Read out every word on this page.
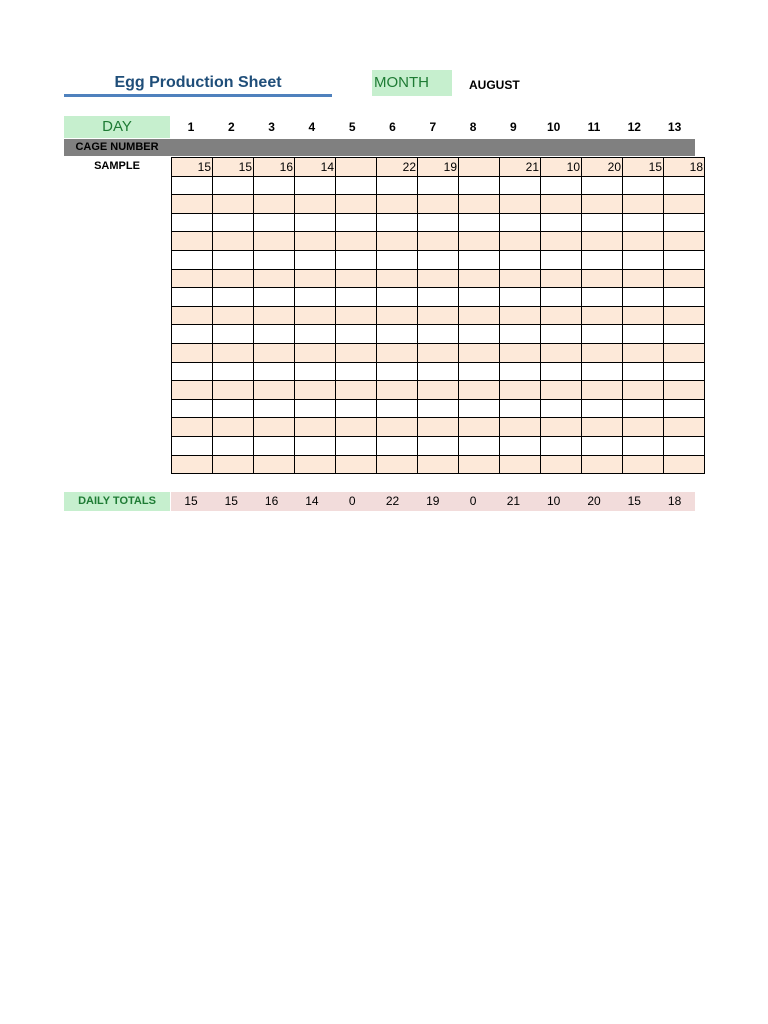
Egg Production Sheet	MONTH	AUGUST
DAY	1	2	3	4	5	6	7	8	9	10	11	12	13
CAGE NUMBER
SAMPLE	15	15	16	14		22	19		21	10	20	15	18

DAILY TOTALS	15	15	16	14	0	22	19	0	21	10	20	15	18
